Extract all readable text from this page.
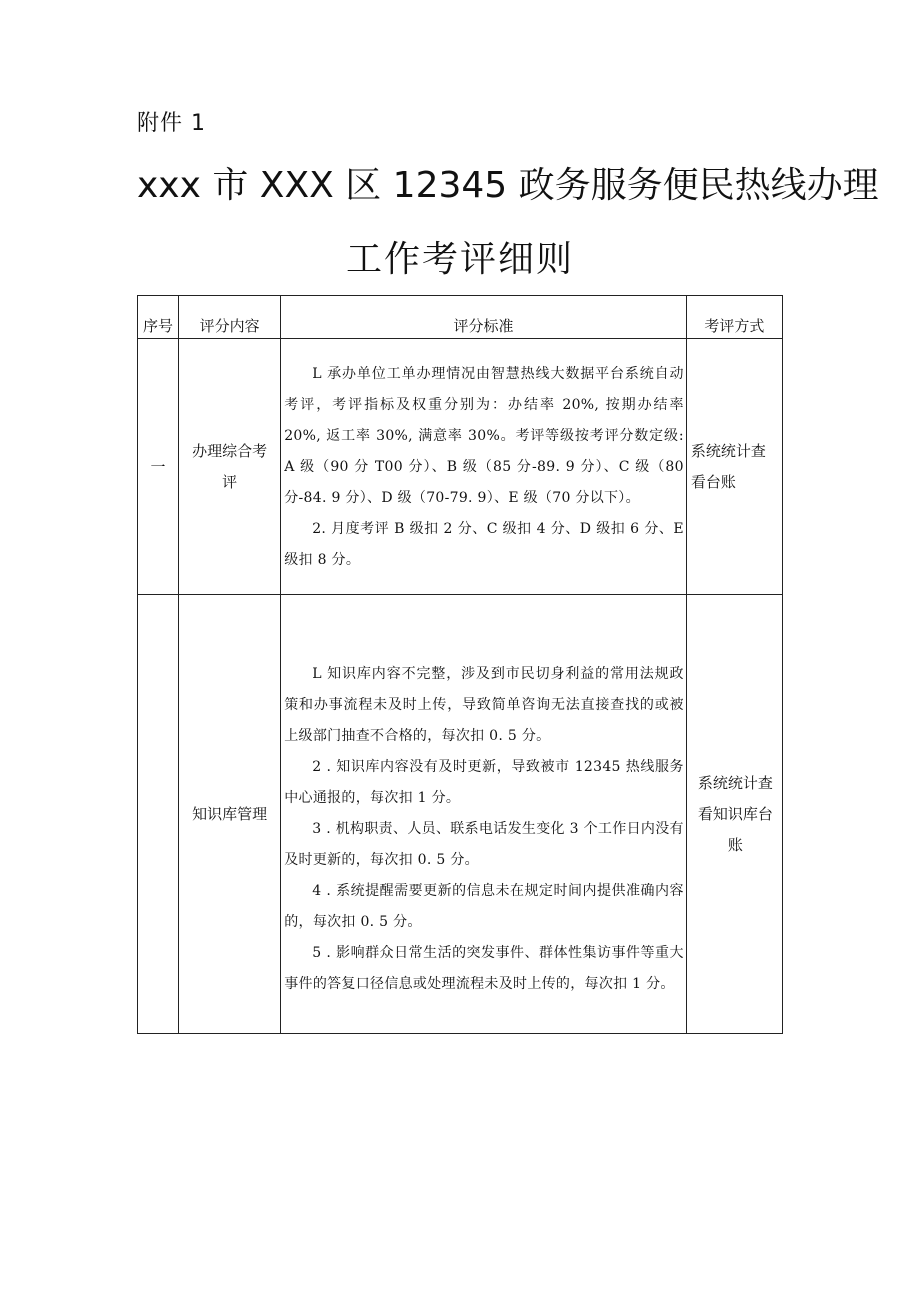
附件 1
xxx 市 XXX 区 12345 政务服务便民热线办理
工作考评细则
序号	评分内容	评分标准	考评方式
一	办理综合考评	L 承办单位工单办理情况由智慧热线大数据平台系统自动考评，考评指标及权重分别为：办结率 20%, 按期办结率 20%, 返工率 30%, 满意率 30%。考评等级按考评分数定级: A 级（90 分 T00 分）、B 级（85 分-89. 9 分）、C 级（80 分-84. 9 分）、D 级（70-79. 9）、E 级（70 分以下）。

2. 月度考评 B 级扣 2 分、C 级扣 4 分、D 级扣 6 分、E 级扣 8 分。	系统统计查看台账
	知识库管理	L 知识库内容不完整，涉及到市民切身利益的常用法规政策和办事流程未及时上传，导致简单咨询无法直接查找的或被上级部门抽查不合格的，每次扣 0. 5 分。

2 . 知识库内容没有及时更新，导致被市 12345 热线服务中心通报的，每次扣 1 分。

3 . 机构职责、人员、联系电话发生变化 3 个工作日内没有及时更新的，每次扣 0. 5 分。

4 . 系统提醒需要更新的信息未在规定时间内提供准确内容的，每次扣 0. 5 分。

5 . 影响群众日常生活的突发事件、群体性集访事件等重大事件的答复口径信息或处理流程未及时上传的，每次扣 1 分。	系统统计查看知识库台账
